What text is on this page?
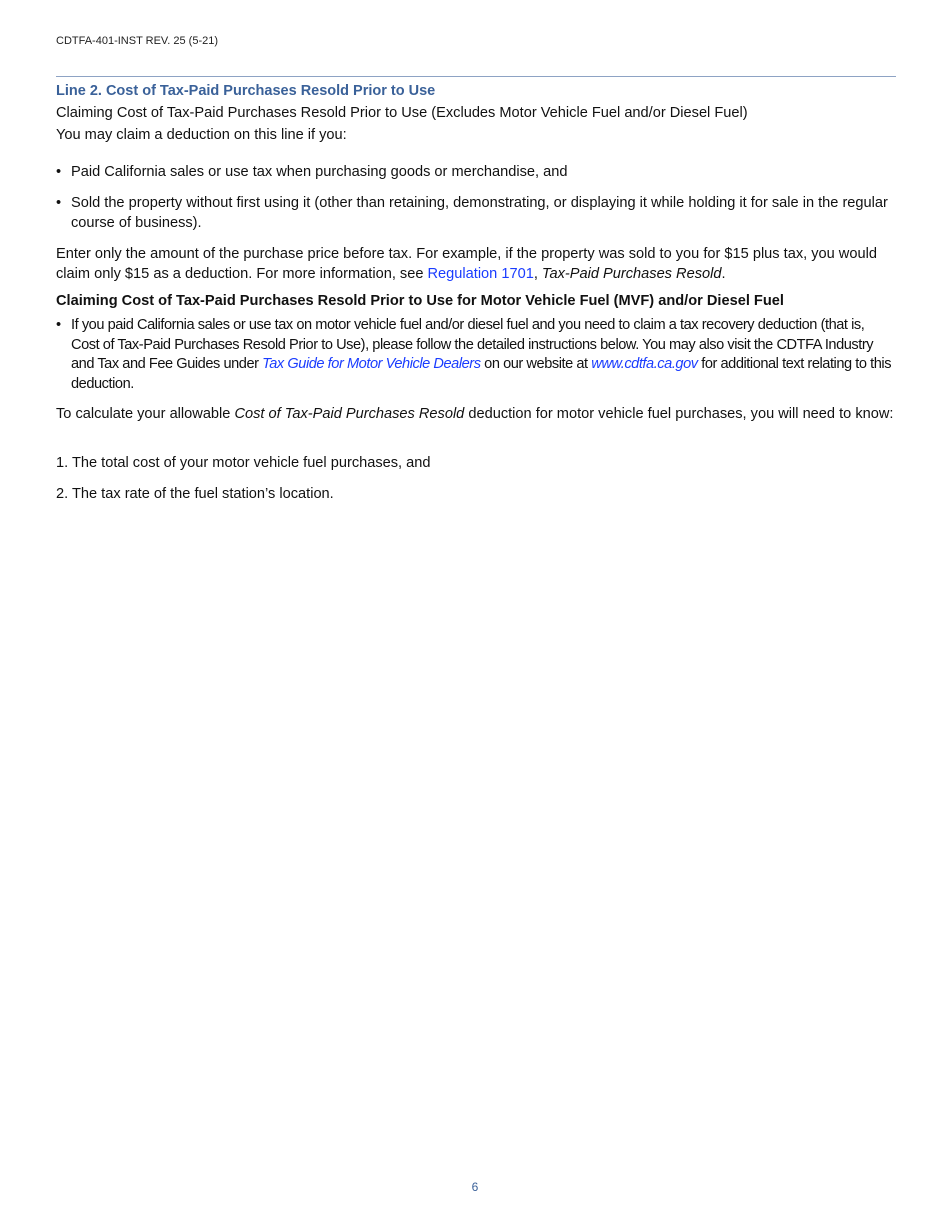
CDTFA-401-INST REV. 25 (5-21)
Line 2. Cost of Tax-Paid Purchases Resold Prior to Use
Claiming Cost of Tax-Paid Purchases Resold Prior to Use (Excludes Motor Vehicle Fuel and/or Diesel Fuel)
You may claim a deduction on this line if you:
• Paid California sales or use tax when purchasing goods or merchandise, and
• Sold the property without first using it (other than retaining, demonstrating, or displaying it while holding it for sale in the regular course of business).
Enter only the amount of the purchase price before tax. For example, if the property was sold to you for $15 plus tax, you would claim only $15 as a deduction. For more information, see Regulation 1701, Tax-Paid Purchases Resold.
Claiming Cost of Tax-Paid Purchases Resold Prior to Use for Motor Vehicle Fuel (MVF) and/or Diesel Fuel
• If you paid California sales or use tax on motor vehicle fuel and/or diesel fuel and you need to claim a tax recovery deduction (that is, Cost of Tax-Paid Purchases Resold Prior to Use), please follow the detailed instructions below. You may also visit the CDTFA Industry and Tax and Fee Guides under Tax Guide for Motor Vehicle Dealers on our website at www.cdtfa.ca.gov for additional text relating to this deduction.
To calculate your allowable Cost of Tax-Paid Purchases Resold deduction for motor vehicle fuel purchases, you will need to know:
1. The total cost of your motor vehicle fuel purchases, and
2. The tax rate of the fuel station’s location.
6
